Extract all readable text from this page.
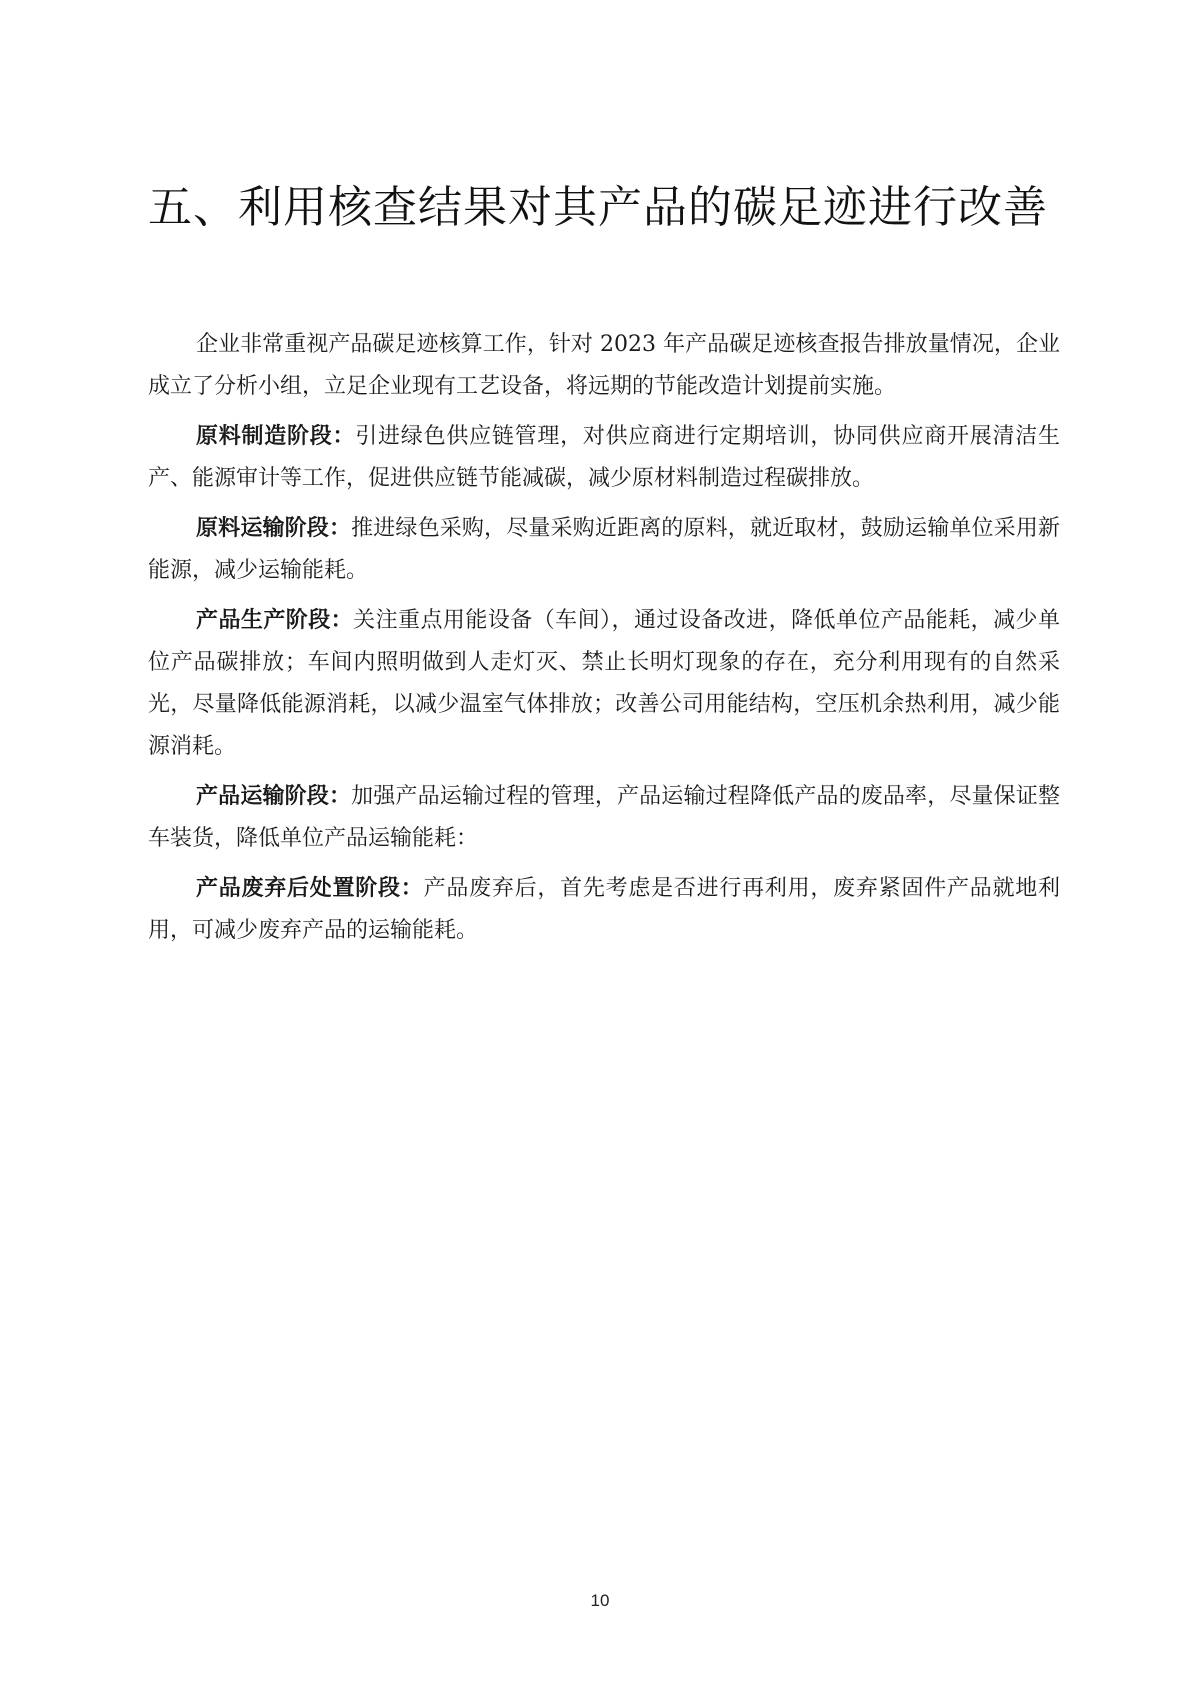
五、利用核查结果对其产品的碳足迹进行改善

企业非常重视产品碳足迹核算工作，针对 2023 年产品碳足迹核查报告排放量情况，企业成立了分析小组，立足企业现有工艺设备，将远期的节能改造计划提前实施。

原料制造阶段：引进绿色供应链管理，对供应商进行定期培训，协同供应商开展清洁生产、能源审计等工作，促进供应链节能减碳，减少原材料制造过程碳排放。

原料运输阶段：推进绿色采购，尽量采购近距离的原料，就近取材，鼓励运输单位采用新能源，减少运输能耗。

产品生产阶段：关注重点用能设备（车间），通过设备改进，降低单位产品能耗，减少单位产品碳排放；车间内照明做到人走灯灭、禁止长明灯现象的存在，充分利用现有的自然采光，尽量降低能源消耗，以减少温室气体排放；改善公司用能结构，空压机余热利用，减少能源消耗。

产品运输阶段：加强产品运输过程的管理，产品运输过程降低产品的废品率，尽量保证整车装货，降低单位产品运输能耗：

产品废弃后处置阶段：产品废弃后，首先考虑是否进行再利用，废弃紧固件产品就地利用，可减少废弃产品的运输能耗。

10
